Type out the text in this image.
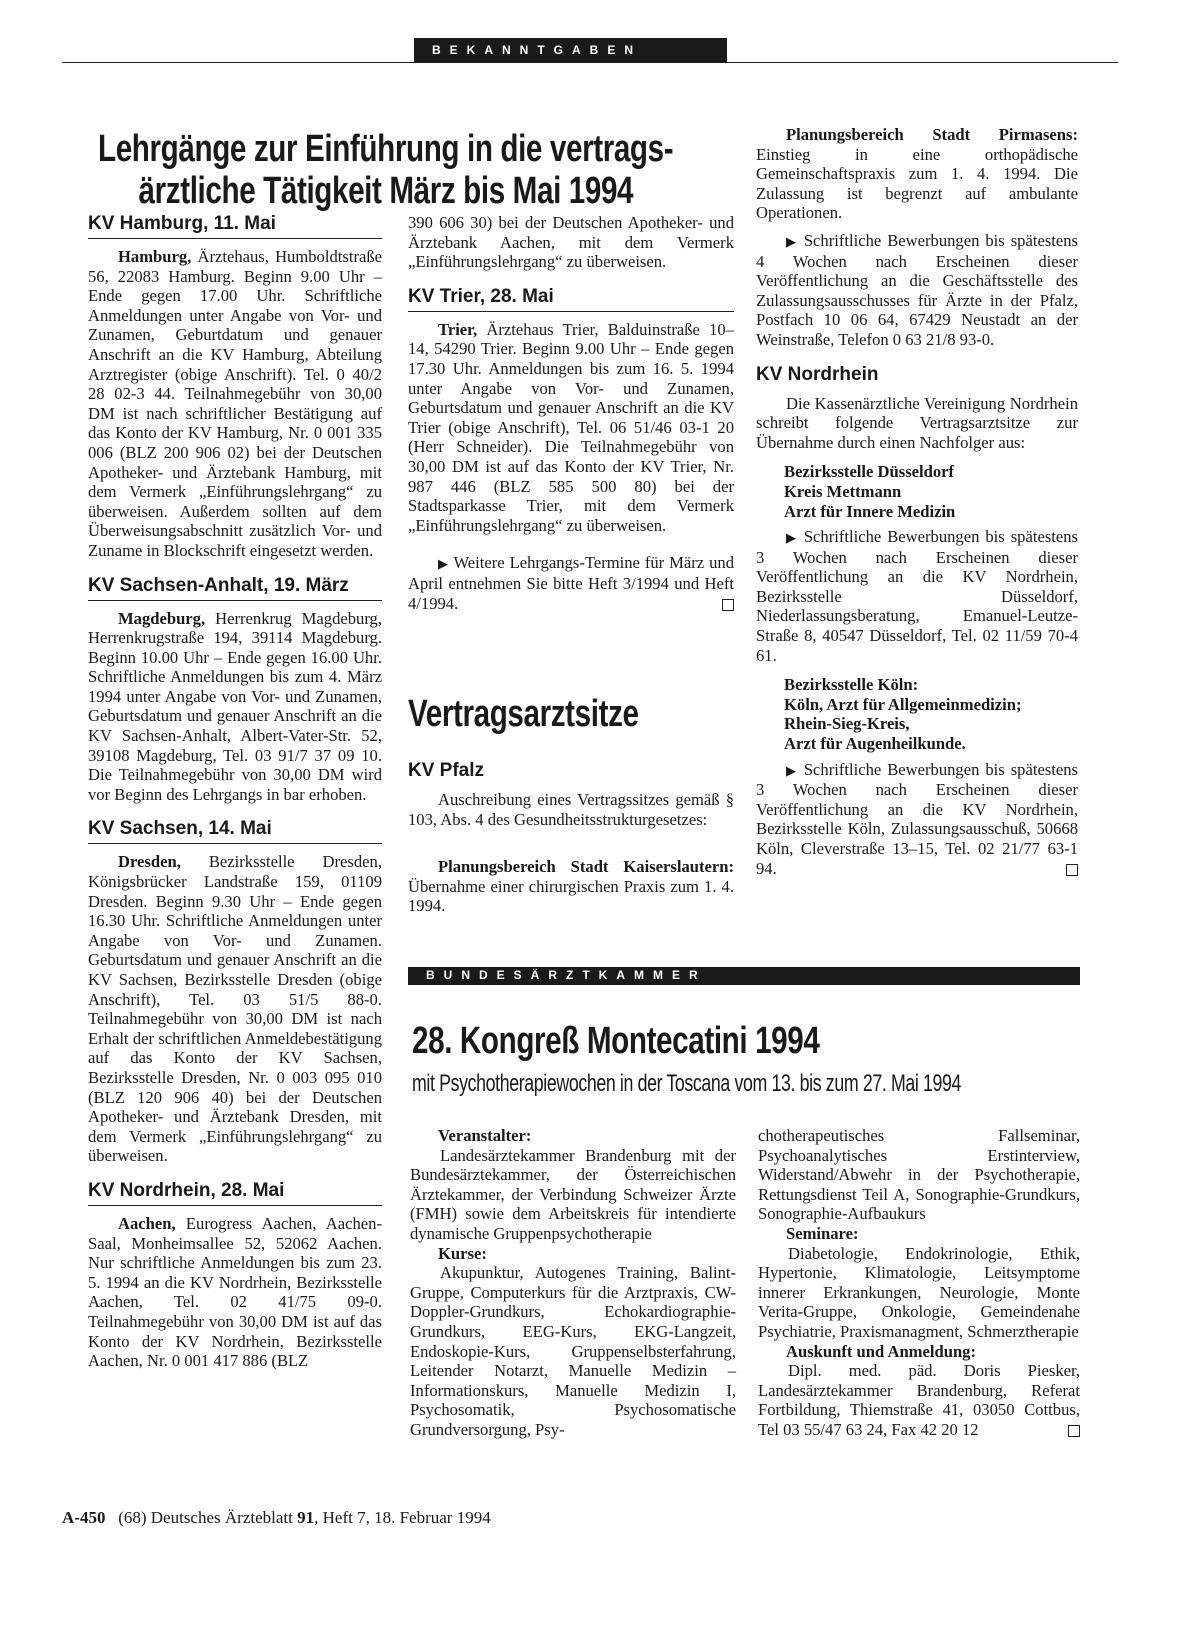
BEKANNTGABEN
Lehrgänge zur Einführung in die vertrags-
ärztliche Tätigkeit März bis Mai 1994
KV Hamburg, 11. Mai

Hamburg, Ärztehaus, Humboldtstraße 56, 22083 Hamburg. Beginn 9.00 Uhr – Ende gegen 17.00 Uhr. Schriftliche Anmeldungen unter Angabe von Vor- und Zunamen, Geburtdatum und genauer Anschrift an die KV Hamburg, Abteilung Arztregister (obige Anschrift). Tel. 0 40/2 28 02-3 44. Teilnahmegebühr von 30,00 DM ist nach schriftlicher Bestätigung auf das Konto der KV Hamburg, Nr. 0 001 335 006 (BLZ 200 906 02) bei der Deutschen Apotheker- und Ärztebank Hamburg, mit dem Vermerk „Einführungslehrgang“ zu überweisen. Außerdem sollten auf dem Überweisungsabschnitt zusätzlich Vor- und Zuname in Blockschrift eingesetzt werden.

KV Sachsen-Anhalt, 19. März

Magdeburg, Herrenkrug Magdeburg, Herrenkrugstraße 194, 39114 Magdeburg. Beginn 10.00 Uhr – Ende gegen 16.00 Uhr. Schriftliche Anmeldungen bis zum 4. März 1994 unter Angabe von Vor- und Zunamen, Geburtsdatum und genauer Anschrift an die KV Sachsen-Anhalt, Albert-Vater-Str. 52, 39108 Magdeburg, Tel. 03 91/7 37 09 10. Die Teilnahmegebühr von 30,00 DM wird vor Beginn des Lehrgangs in bar erhoben.

KV Sachsen, 14. Mai

Dresden, Bezirksstelle Dresden, Königsbrücker Landstraße 159, 01109 Dresden. Beginn 9.30 Uhr – Ende gegen 16.30 Uhr. Schriftliche Anmeldungen unter Angabe von Vor- und Zunamen. Geburtsdatum und genauer Anschrift an die KV Sachsen, Bezirksstelle Dresden (obige Anschrift), Tel. 03 51/5 88-0. Teilnahmegebühr von 30,00 DM ist nach Erhalt der schriftlichen Anmeldebestätigung auf das Konto der KV Sachsen, Bezirksstelle Dresden, Nr. 0 003 095 010 (BLZ 120 906 40) bei der Deutschen Apotheker- und Ärztebank Dresden, mit dem Vermerk „Einführungslehrgang“ zu überweisen.

KV Nordrhein, 28. Mai

Aachen, Eurogress Aachen, Aachen-Saal, Monheimsallee 52, 52062 Aachen. Nur schriftliche Anmeldungen bis zum 23. 5. 1994 an die KV Nordrhein, Bezirksstelle Aachen, Tel. 02 41/75 09-0. Teilnahmegebühr von 30,00 DM ist auf das Konto der KV Nordrhein, Bezirksstelle Aachen, Nr. 0 001 417 886 (BLZ

390 606 30) bei der Deutschen Apotheker- und Ärztebank Aachen, mit dem Vermerk „Einführungslehrgang“ zu überweisen.

KV Trier, 28. Mai

Trier, Ärztehaus Trier, Balduinstraße 10–14, 54290 Trier. Beginn 9.00 Uhr – Ende gegen 17.30 Uhr. Anmeldungen bis zum 16. 5. 1994 unter Angabe von Vor- und Zunamen, Geburtsdatum und genauer Anschrift an die KV Trier (obige Anschrift), Tel. 06 51/46 03-1 20 (Herr Schneider). Die Teilnahmegebühr von 30,00 DM ist auf das Konto der KV Trier, Nr. 987 446 (BLZ 585 500 80) bei der Stadtsparkasse Trier, mit dem Vermerk „Einführungslehrgang“ zu überweisen.

▶ Weitere Lehrgangs-Termine für März und April entnehmen Sie bitte Heft 3/1994 und Heft 4/1994.

Vertragsarztsitze
KV Pfalz

Auschreibung eines Vertragssitzes gemäß § 103, Abs. 4 des Gesundheitsstrukturgesetzes:

Planungsbereich Stadt Kaiserslautern: Übernahme einer chirurgischen Praxis zum 1. 4. 1994.

Planungsbereich Stadt Pirmasens: Einstieg in eine orthopädische Gemeinschaftspraxis zum 1. 4. 1994. Die Zulassung ist begrenzt auf ambulante Operationen.

▶ Schriftliche Bewerbungen bis spätestens 4 Wochen nach Erscheinen dieser Veröffentlichung an die Geschäftsstelle des Zulassungsausschusses für Ärzte in der Pfalz, Postfach 10 06 64, 67429 Neustadt an der Weinstraße, Telefon 0 63 21/8 93-0.

KV Nordrhein

Die Kassenärztliche Vereinigung Nordrhein schreibt folgende Vertragsarztsitze zur Übernahme durch einen Nachfolger aus:

Bezirksstelle Düsseldorf
Kreis Mettmann
Arzt für Innere Medizin

▶ Schriftliche Bewerbungen bis spätestens 3 Wochen nach Erscheinen dieser Veröffentlichung an die KV Nordrhein, Bezirksstelle Düsseldorf, Niederlassungsberatung, Emanuel-Leutze-Straße 8, 40547 Düsseldorf, Tel. 02 11/59 70-4 61.

Bezirksstelle Köln:
Köln, Arzt für Allgemeinmedizin;
Rhein-Sieg-Kreis,
Arzt für Augenheilkunde.

▶ Schriftliche Bewerbungen bis spätestens 3 Wochen nach Erscheinen dieser Veröffentlichung an die KV Nordrhein, Bezirksstelle Köln, Zulassungsausschuß, 50668 Köln, Cleverstraße 13–15, Tel. 02 21/77 63-1 94.

BUNDESÄRZTKAMMER
28. Kongreß Montecatini 1994
mit Psychotherapiewochen in der Toscana vom 13. bis zum 27. Mai 1994
Veranstalter:

Landesärztekammer Brandenburg mit der Bundesärztekammer, der Österreichischen Ärztekammer, der Verbindung Schweizer Ärzte (FMH) sowie dem Arbeitskreis für intendierte dynamische Gruppenpsychotherapie

Kurse:

Akupunktur, Autogenes Training, Balint-Gruppe, Computerkurs für die Arztpraxis, CW-Doppler-Grundkurs, Echokardiographie-Grundkurs, EEG-Kurs, EKG-Langzeit, Endoskopie-Kurs, Gruppenselbsterfahrung, Leitender Notarzt, Manuelle Medizin – Informationskurs, Manuelle Medizin I, Psychosomatik, Psychosomatische Grundversorgung, Psy-

chotherapeutisches Fallseminar, Psychoanalytisches Erstinterview, Widerstand/Abwehr in der Psychotherapie, Rettungsdienst Teil A, Sonographie-Grundkurs, Sonographie-Aufbaukurs

Seminare:

Diabetologie, Endokrinologie, Ethik, Hypertonie, Klimatologie, Leitsymptome innerer Erkrankungen, Neurologie, Monte Verita-Gruppe, Onkologie, Gemeindenahe Psychiatrie, Praxismanagment, Schmerztherapie

Auskunft und Anmeldung:

Dipl. med. päd. Doris Piesker, Landesärztekammer Brandenburg, Referat Fortbildung, Thiemstraße 41, 03050 Cottbus, Tel 03 55/47 63 24, Fax 42 20 12

A-450 (68) Deutsches Ärzteblatt 91, Heft 7, 18. Februar 1994
